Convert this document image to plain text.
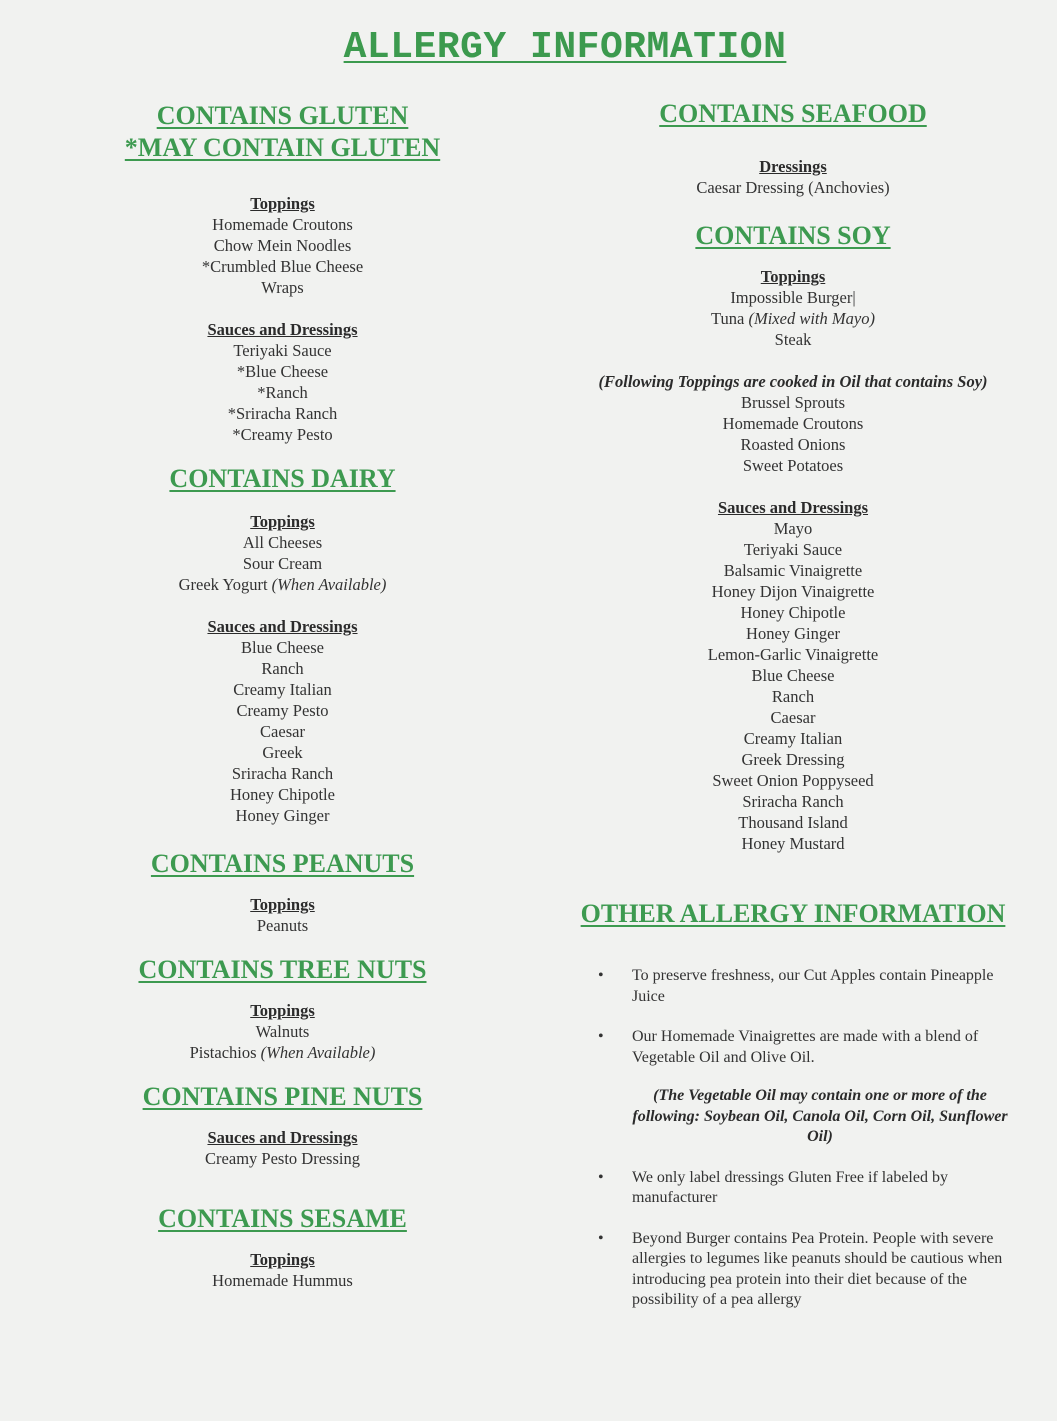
ALLERGY INFORMATION

CONTAINS GLUTEN

*MAY CONTAIN GLUTEN

Toppings

Homemade Croutons

Chow Mein Noodles

*Crumbled Blue Cheese

Wraps

Sauces and Dressings

Teriyaki Sauce

*Blue Cheese

*Ranch

*Sriracha Ranch

*Creamy Pesto

CONTAINS DAIRY

Toppings

All Cheeses

Sour Cream

Greek Yogurt (When Available)

Sauces and Dressings

Blue Cheese

Ranch

Creamy Italian

Creamy Pesto

Caesar

Greek

Sriracha Ranch

Honey Chipotle

Honey Ginger

CONTAINS PEANUTS

Toppings

Peanuts

CONTAINS TREE NUTS

Toppings

Walnuts

Pistachios (When Available)

CONTAINS PINE NUTS

Sauces and Dressings

Creamy Pesto Dressing

CONTAINS SESAME

Toppings

Homemade Hummus

CONTAINS SEAFOOD

Dressings

Caesar Dressing (Anchovies)

CONTAINS SOY

Toppings

Impossible Burger|

Tuna (Mixed with Mayo)

Steak

(Following Toppings are cooked in Oil that contains Soy)

Brussel Sprouts

Homemade Croutons

Roasted Onions

Sweet Potatoes

Sauces and Dressings

Mayo

Teriyaki Sauce

Balsamic Vinaigrette

Honey Dijon Vinaigrette

Honey Chipotle

Honey Ginger

Lemon-Garlic Vinaigrette

Blue Cheese

Ranch

Caesar

Creamy Italian

Greek Dressing

Sweet Onion Poppyseed

Sriracha Ranch

Thousand Island

Honey Mustard

OTHER ALLERGY INFORMATION

• To preserve freshness, our Cut Apples contain Pineapple Juice

• Our Homemade Vinaigrettes are made with a blend of Vegetable Oil and Olive Oil.

(The Vegetable Oil may contain one or more of the following: Soybean Oil, Canola Oil, Corn Oil, Sunflower Oil)

• We only label dressings Gluten Free if labeled by manufacturer

• Beyond Burger contains Pea Protein. People with severe allergies to legumes like peanuts should be cautious when introducing pea protein into their diet because of the possibility of a pea allergy
